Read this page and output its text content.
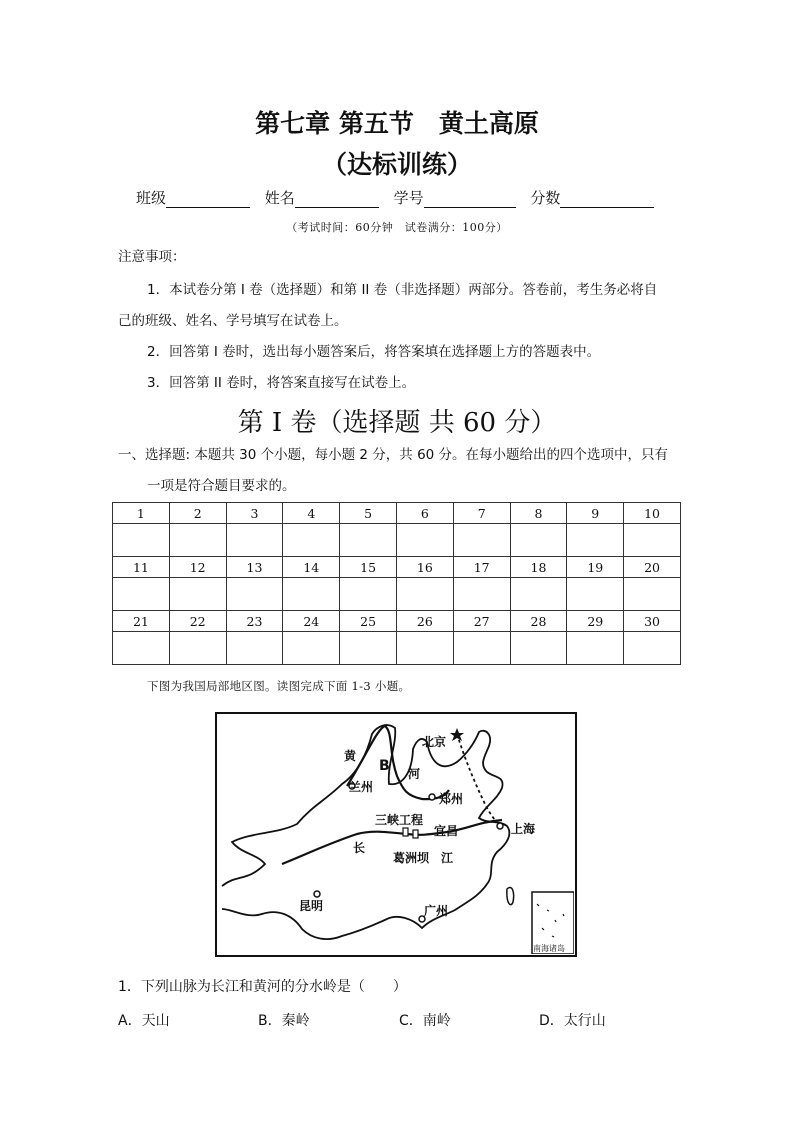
第七章 第五节　黄土高原
（达标训练）
班级	姓名	学号	分数
（考试时间：60分钟　试卷满分：100分）
注意事项：
1．本试卷分第 I 卷（选择题）和第 II 卷（非选择题）两部分。答卷前，考生务必将自
己的班级、姓名、学号填写在试卷上。
2．回答第 I 卷时，选出每小题答案后，将答案填在选择题上方的答题表中。
3．回答第 II 卷时，将答案直接写在试卷上。
第 I 卷（选择题 共 60 分）
一、选择题: 本题共 30 个小题，每小题 2 分，共 60 分。在每小题给出的四个选项中，只有
一项是符合题目要求的。
1	2	3	4	5	6	7	8	9	10

11	12	13	14	15	16	17	18	19	20

21	22	23	24	25	26	27	28	29	30

下图为我国局部地区图。读图完成下面 1-3 小题。
黄
B 河
北京
兰州
郑州
三峡工程
宜昌	上海
长
葛洲坝 江
昆明	广州
南海诸岛
1．下列山脉为长江和黄河的分水岭是（　　）
A．天山	B．秦岭	C．南岭	D．太行山
